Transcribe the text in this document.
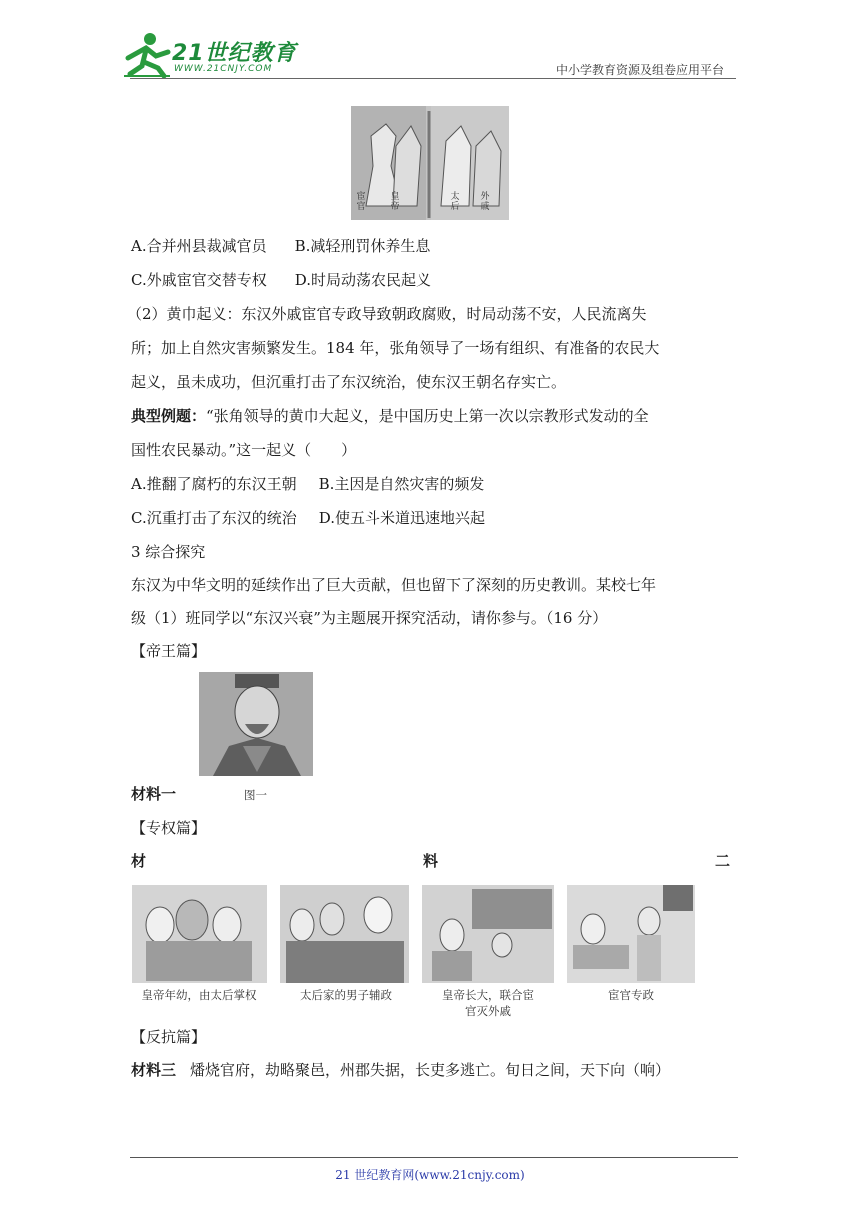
21世纪教育
WWW.21CNJY.COM	中小学教育资源及组卷应用平台
宦官
皇帝
太后
外戚
A.合并州县裁减官员 B.减轻刑罚休养生息
C.外戚宦官交替专权 D.时局动荡农民起义
（2）黄巾起义：东汉外戚宦官专政导致朝政腐败，时局动荡不安，人民流离失
所；加上自然灾害频繁发生。184 年，张角领导了一场有组织、有准备的农民大
起义，虽未成功，但沉重打击了东汉统治，使东汉王朝名存实亡。
典型例题：“张角领导的黄巾大起义，是中国历史上第一次以宗教形式发动的全
国性农民暴动。”这一起义（　　）
A.推翻了腐朽的东汉王朝 B.主因是自然灾害的频发
C.沉重打击了东汉的统治 D.使五斗米道迅速地兴起
3 综合探究
东汉为中华文明的延续作出了巨大贡献，但也留下了深刻的历史教训。某校七年
级（1）班同学以“东汉兴衰”为主题展开探究活动，请你参与。（16 分）
【帝王篇】
材料一	图一
【专权篇】
材	料	二
皇帝年幼，由太后掌权	太后家的男子辅政	皇帝长大，联合宦
官灭外戚
宦官专政
【反抗篇】
材料三 燔烧官府，劫略聚邑，州郡失据，长吏多逃亡。旬日之间，天下向（响）
21 世纪教育网(www.21cnjy.com)
